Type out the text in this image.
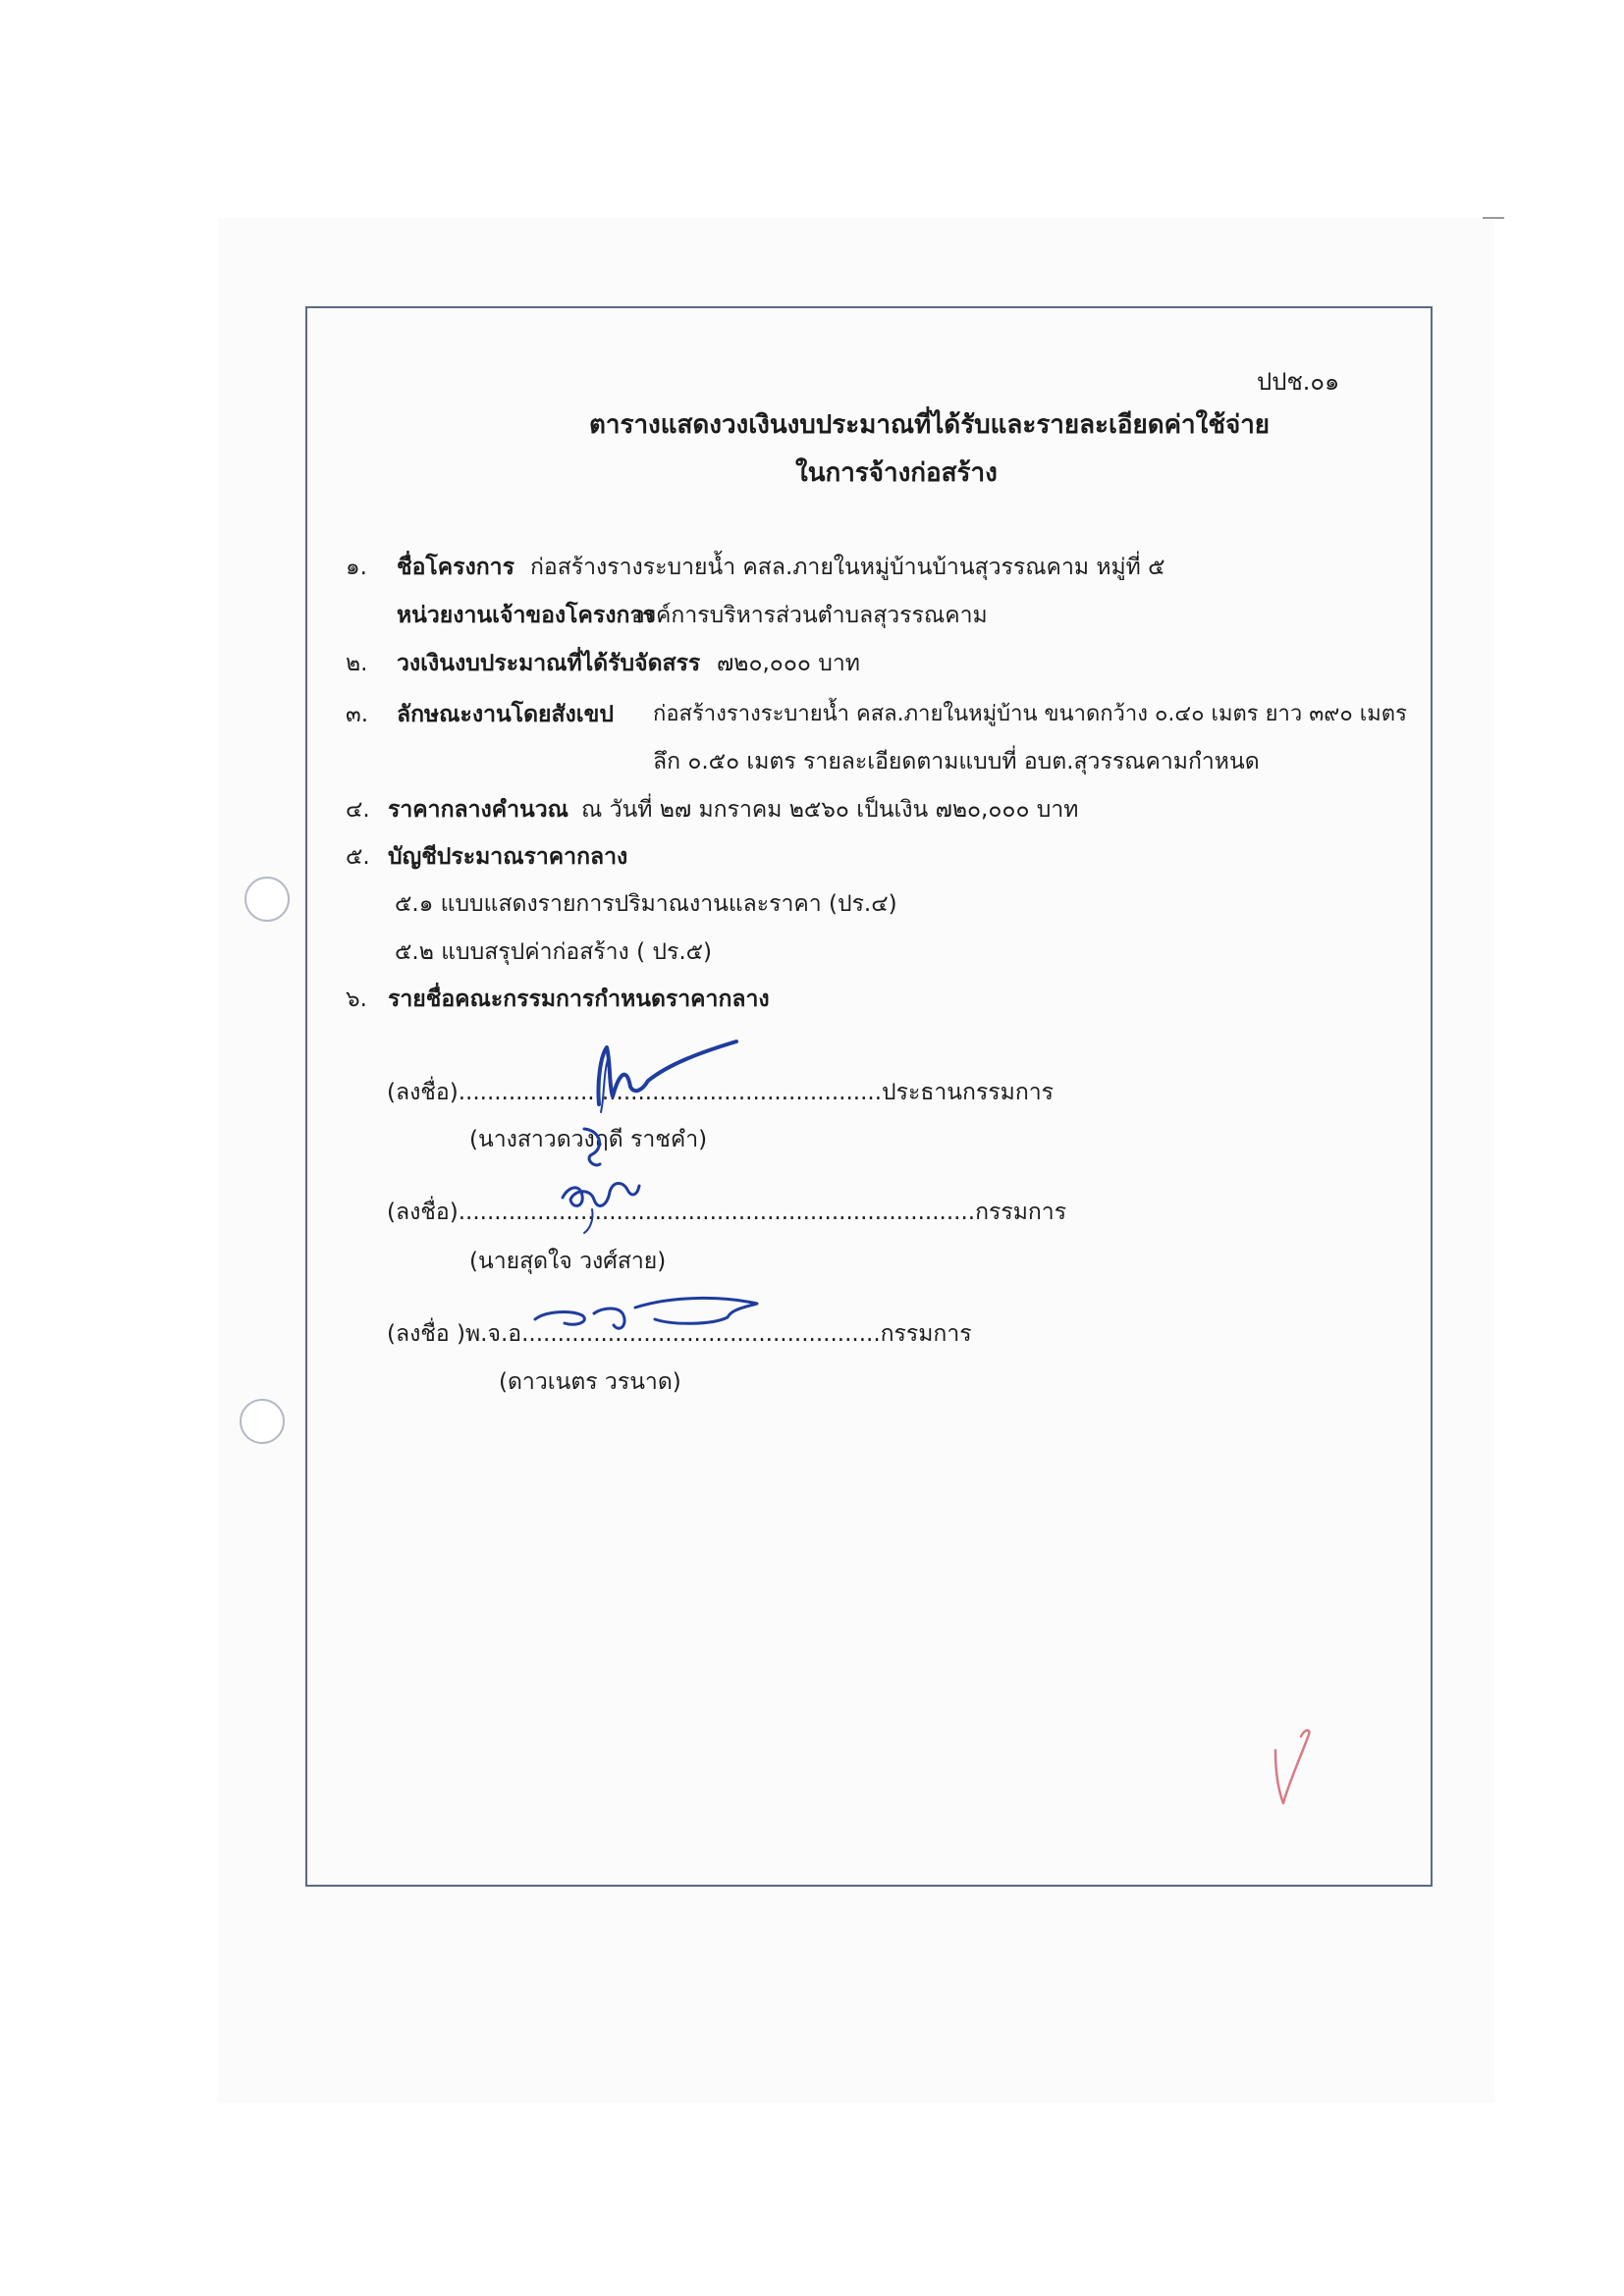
ปปช.๐๑
ตารางแสดงวงเงินงบประมาณที่ได้รับและรายละเอียดค่าใช้จ่าย
ในการจ้างก่อสร้าง
๑. ชื่อโครงการ ก่อสร้างรางระบายน้ำ คสล.ภายในหมู่บ้านบ้านสุวรรณคาม หมู่ที่ ๕
หน่วยงานเจ้าของโครงการ
องค์การบริหารส่วนตำบลสุวรรณคาม
๒. วงเงินงบประมาณที่ได้รับจัดสรร ๗๒๐,๐๐๐ บาท
๓. ลักษณะงานโดยสังเขป ก่อสร้างรางระบายน้ำ คสล.ภายในหมู่บ้าน ขนาดกว้าง ๐.๔๐ เมตร ยาว ๓๙๐ เมตร
ลึก ๐.๕๐ เมตร รายละเอียดตามแบบที่ อบต.สุวรรณคามกำหนด
๔. ราคากลางคำนวณ ณ วันที่ ๒๗ มกราคม ๒๕๖๐ เป็นเงิน ๗๒๐,๐๐๐ บาท
๕. บัญชีประมาณราคากลาง
๕.๑ แบบแสดงรายการปริมาณงานและราคา (ปร.๔)
๕.๒ แบบสรุปค่าก่อสร้าง ( ปร.๕)
๖. รายชื่อคณะกรรมการกำหนดราคากลาง
(ลงชื่อ)...........................................................ประธานกรรมการ
(นางสาวดวงฤดี ราชคำ)
(ลงชื่อ)........................................................................กรรมการ
(นายสุดใจ วงศ์สาย)
(ลงชื่อ )พ.จ.อ..................................................กรรมการ
(ดาวเนตร วรนาด)
